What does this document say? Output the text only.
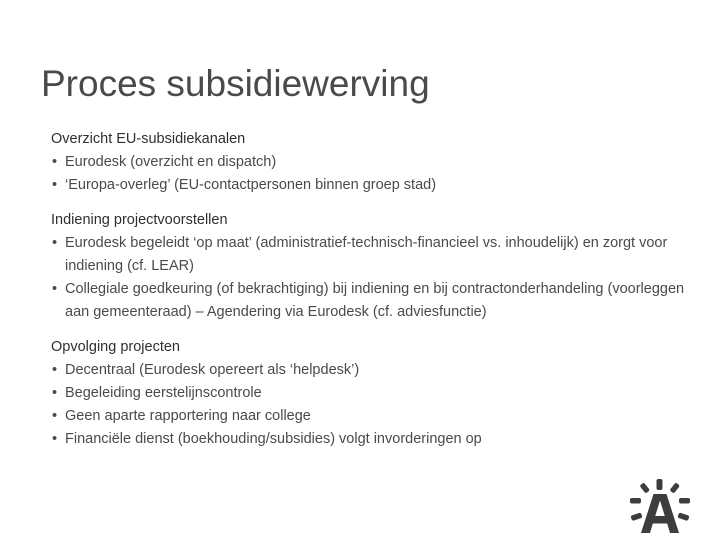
Proces subsidiewerving

Overzicht EU-subsidiekanalen

• Eurodesk (overzicht en dispatch)
• ‘Europa-overleg’ (EU-contactpersonen binnen groep stad)

Indiening projectvoorstellen

• Eurodesk begeleidt ‘op maat’ (administratief-technisch-financieel vs. inhoudelijk) en zorgt voor indiening (cf. LEAR)
• Collegiale goedkeuring (of bekrachtiging) bij indiening en bij contractonderhandeling (voorleggen aan gemeenteraad) – Agendering via Eurodesk (cf. adviesfunctie)

Opvolging projecten

• Decentraal (Eurodesk opereert als ‘helpdesk’)
• Begeleiding eerstelijnscontrole
• Geen aparte rapportering naar college
• Financiële dienst (boekhouding/subsidies) volgt invorderingen op
